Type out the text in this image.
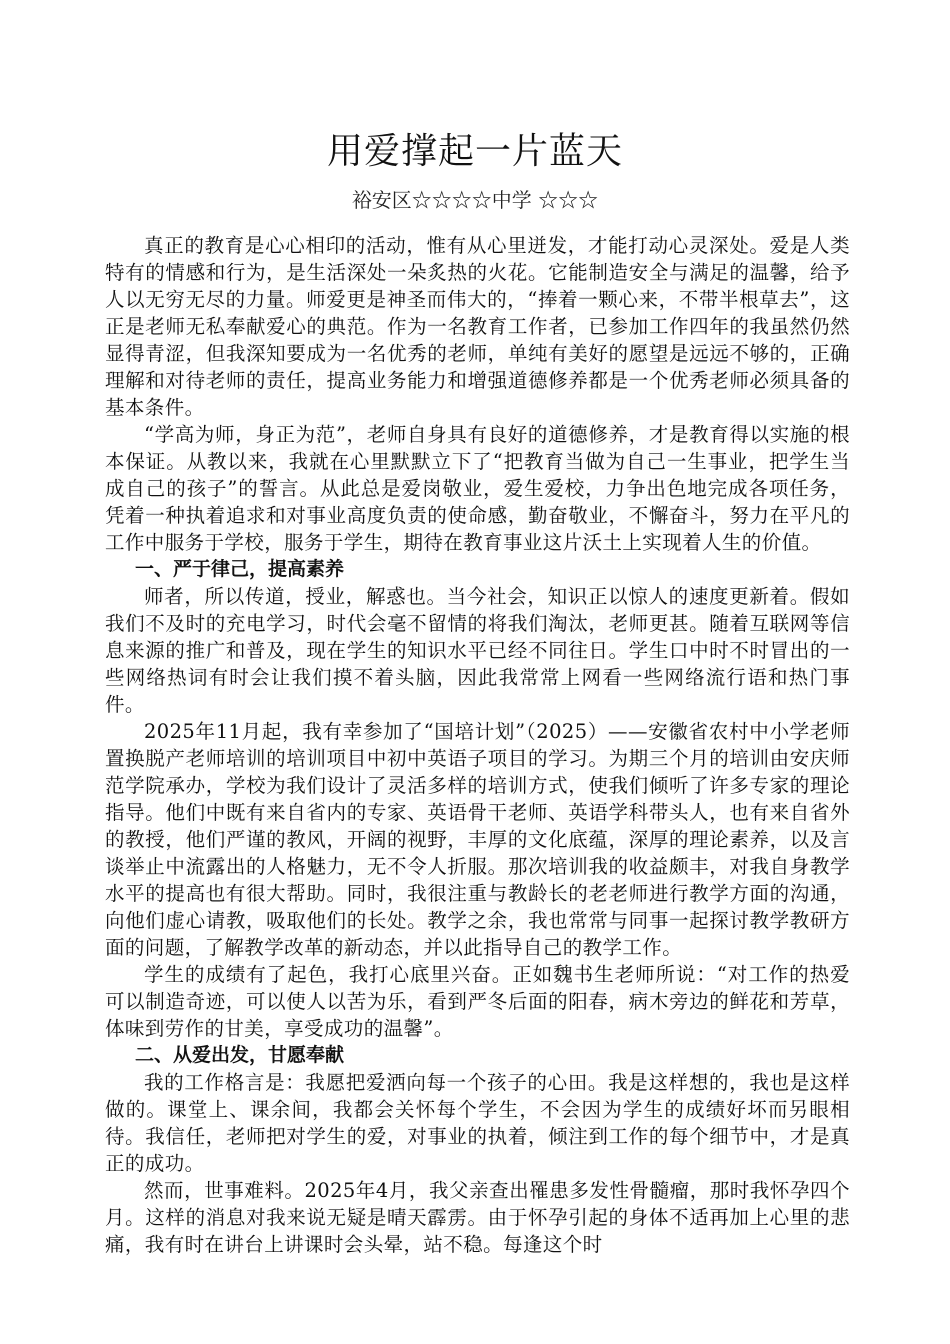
用爱撑起一片蓝天
裕安区☆☆☆☆中学 ☆☆☆

真正的教育是心心相印的活动，惟有从心里迸发，才能打动心灵深处。爱是人类特有的情感和行为，是生活深处一朵炙热的火花。它能制造安全与满足的温馨，给予人以无穷无尽的力量。师爱更是神圣而伟大的，“捧着一颗心来，不带半根草去”，这正是老师无私奉献爱心的典范。作为一名教育工作者，已参加工作四年的我虽然仍然显得青涩，但我深知要成为一名优秀的老师，单纯有美好的愿望是远远不够的，正确理解和对待老师的责任，提高业务能力和增强道德修养都是一个优秀老师必须具备的基本条件。

“学高为师，身正为范”，老师自身具有良好的道德修养，才是教育得以实施的根本保证。从教以来，我就在心里默默立下了“把教育当做为自己一生事业，把学生当成自己的孩子”的誓言。从此总是爱岗敬业，爱生爱校，力争出色地完成各项任务，凭着一种执着追求和对事业高度负责的使命感，勤奋敬业，不懈奋斗，努力在平凡的工作中服务于学校，服务于学生，期待在教育事业这片沃土上实现着人生的价值。

一、严于律己，提高素养

师者，所以传道，授业，解惑也。当今社会，知识正以惊人的速度更新着。假如我们不及时的充电学习，时代会毫不留情的将我们淘汰，老师更甚。随着互联网等信息来源的推广和普及，现在学生的知识水平已经不同往日。学生口中时不时冒出的一些网络热词有时会让我们摸不着头脑，因此我常常上网看一些网络流行语和热门事件。

2025年11月起，我有幸参加了“国培计划”（2025）——安徽省农村中小学老师置换脱产老师培训的培训项目中初中英语子项目的学习。为期三个月的培训由安庆师范学院承办，学校为我们设计了灵活多样的培训方式，使我们倾听了许多专家的理论指导。他们中既有来自省内的专家、英语骨干老师、英语学科带头人，也有来自省外的教授，他们严谨的教风，开阔的视野，丰厚的文化底蕴，深厚的理论素养，以及言谈举止中流露出的人格魅力，无不令人折服。那次培训我的收益颇丰，对我自身教学水平的提高也有很大帮助。同时，我很注重与教龄长的老老师进行教学方面的沟通，向他们虚心请教，吸取他们的长处。教学之余，我也常常与同事一起探讨教学教研方面的问题，了解教学改革的新动态，并以此指导自己的教学工作。

学生的成绩有了起色，我打心底里兴奋。正如魏书生老师所说：“对工作的热爱可以制造奇迹，可以使人以苦为乐，看到严冬后面的阳春，病木旁边的鲜花和芳草，体味到劳作的甘美，享受成功的温馨”。

二、从爱出发，甘愿奉献

我的工作格言是：我愿把爱洒向每一个孩子的心田。我是这样想的，我也是这样做的。课堂上、课余间，我都会关怀每个学生，不会因为学生的成绩好坏而另眼相待。我信任，老师把对学生的爱，对事业的执着，倾注到工作的每个细节中，才是真正的成功。

然而，世事难料。2025年4月，我父亲查出罹患多发性骨髓瘤，那时我怀孕四个月。这样的消息对我来说无疑是晴天霹雳。由于怀孕引起的身体不适再加上心里的悲痛，我有时在讲台上讲课时会头晕，站不稳。每逢这个时
